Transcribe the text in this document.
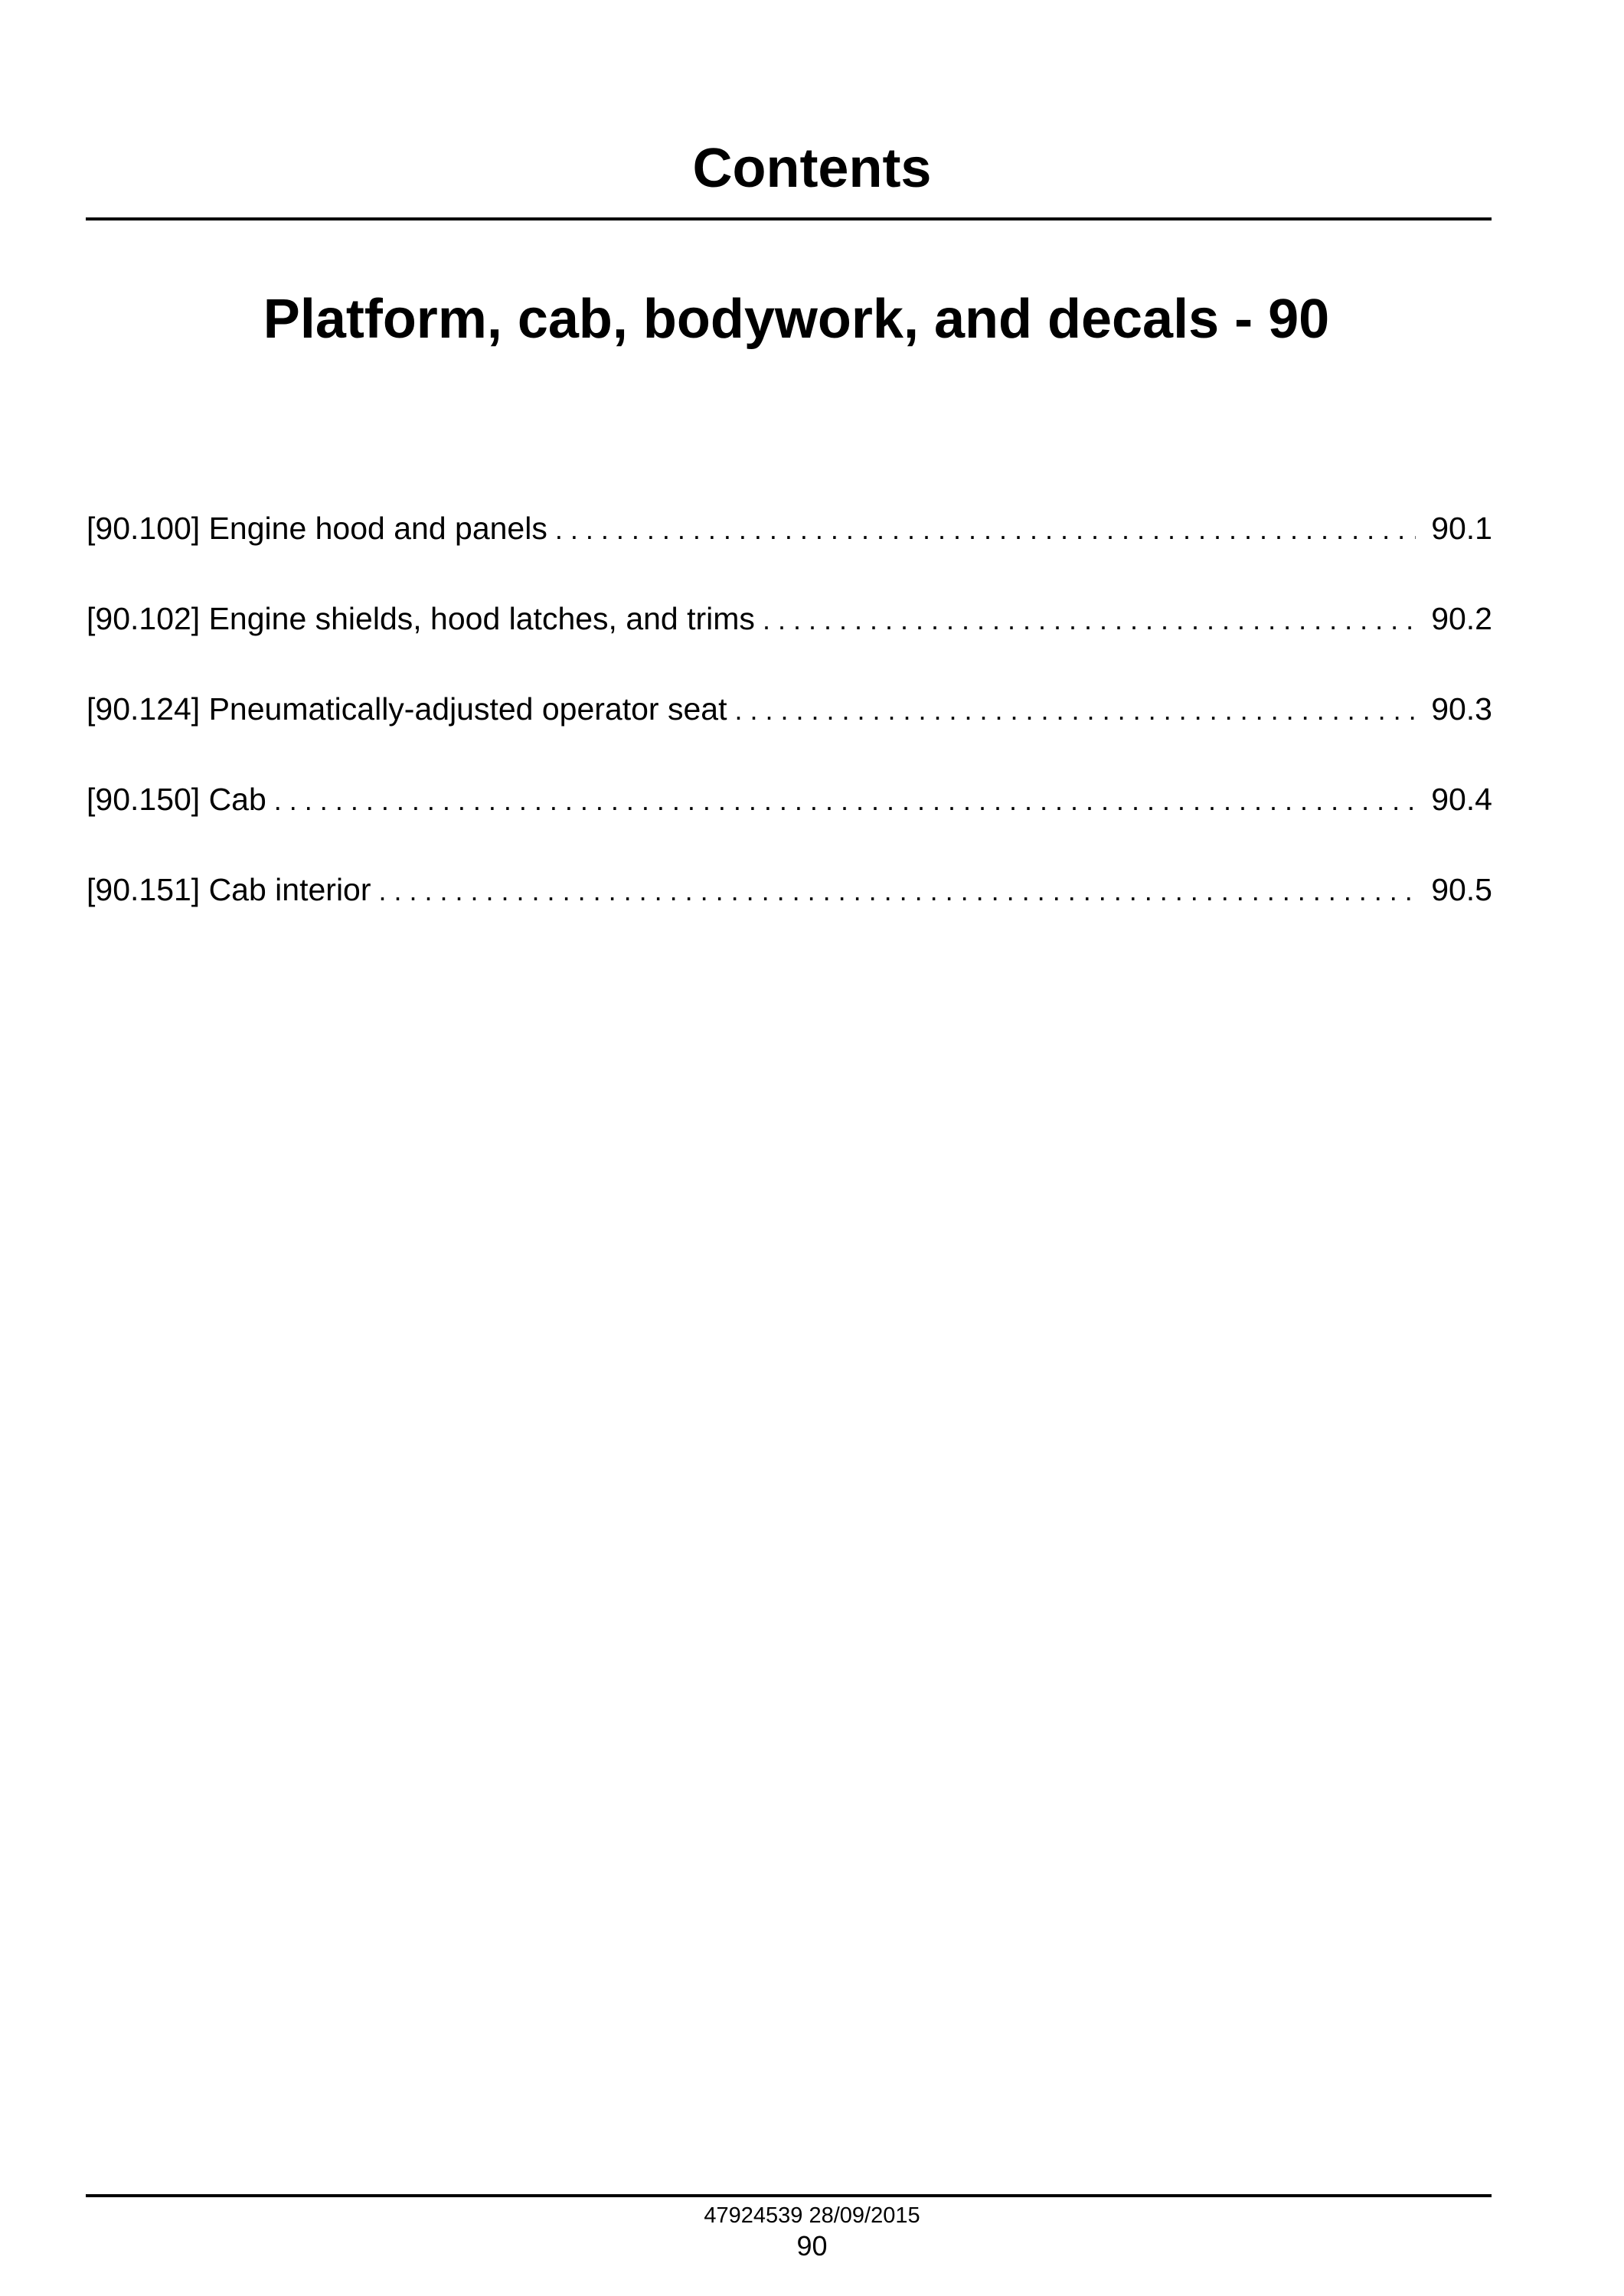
Contents
Platform, cab, bodywork, and decals - 90
[90.100] Engine hood and panels . . .	90.1
[90.102] Engine shields, hood latches, and trims . . .	90.2
[90.124] Pneumatically-adjusted operator seat . . .	90.3
[90.150] Cab . . .	90.4
[90.151] Cab interior . . .	90.5
47924539 28/09/2015
90
